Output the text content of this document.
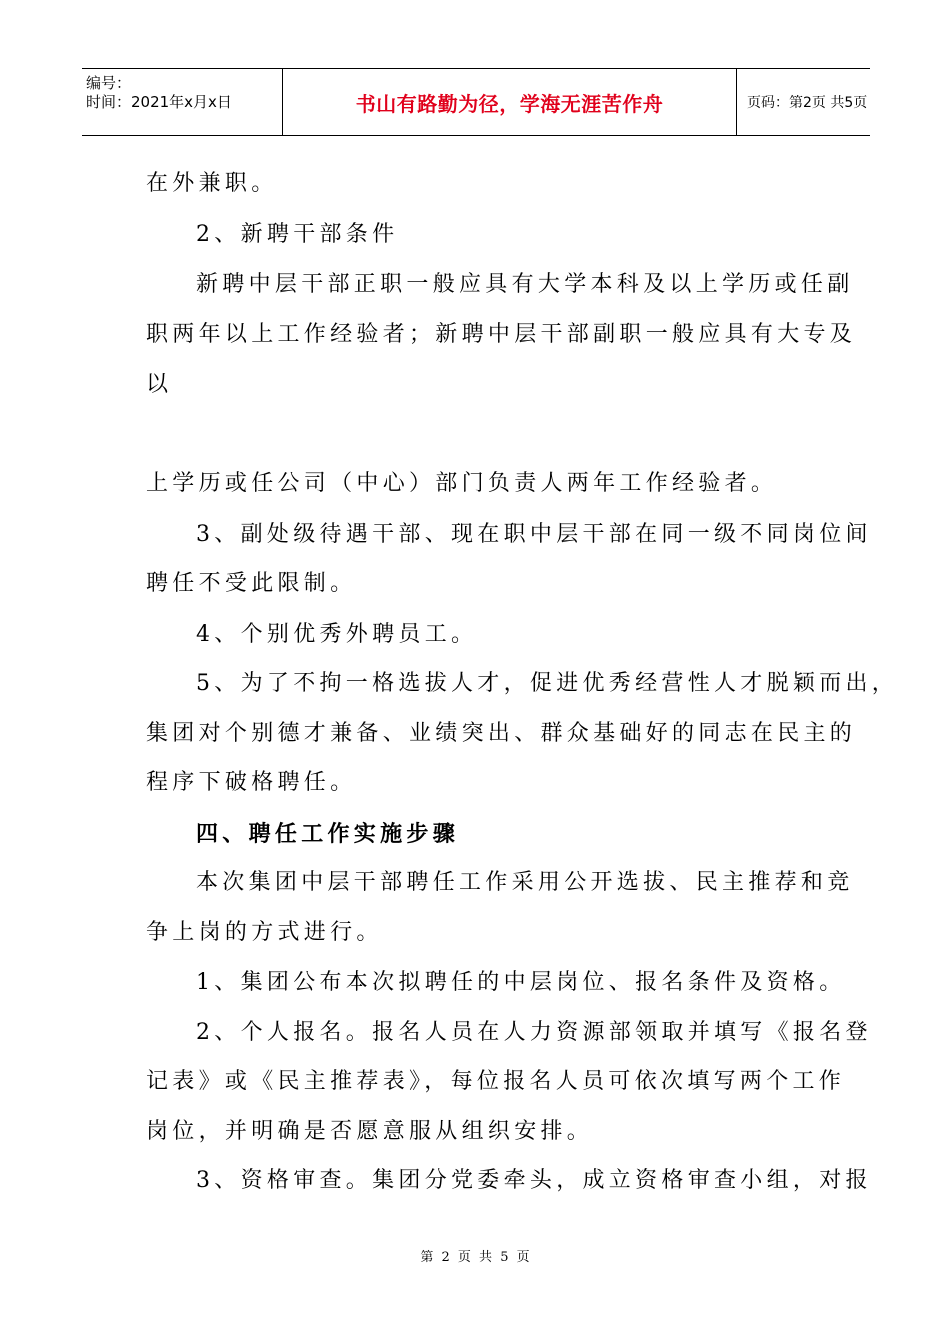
编号：
时间：2021年x月x日	书山有路勤为径，学海无涯苦作舟	页码：第2页 共5页
在外兼职。
2、新聘干部条件
新聘中层干部正职一般应具有大学本科及以上学历或任副
职两年以上工作经验者；新聘中层干部副职一般应具有大专及
以
上学历或任公司（中心）部门负责人两年工作经验者。
3、副处级待遇干部、现在职中层干部在同一级不同岗位间
聘任不受此限制。
4、个别优秀外聘员工。
5、为了不拘一格选拔人才，促进优秀经营性人才脱颖而出，
集团对个别德才兼备、业绩突出、群众基础好的同志在民主的
程序下破格聘任。
四、聘任工作实施步骤
本次集团中层干部聘任工作采用公开选拔、民主推荐和竞
争上岗的方式进行。
1、集团公布本次拟聘任的中层岗位、报名条件及资格。
2、个人报名。报名人员在人力资源部领取并填写《报名登
记表》或《民主推荐表》，每位报名人员可依次填写两个工作
岗位，并明确是否愿意服从组织安排。
3、资格审查。集团分党委牵头，成立资格审查小组，对报
第 2 页 共 5 页
